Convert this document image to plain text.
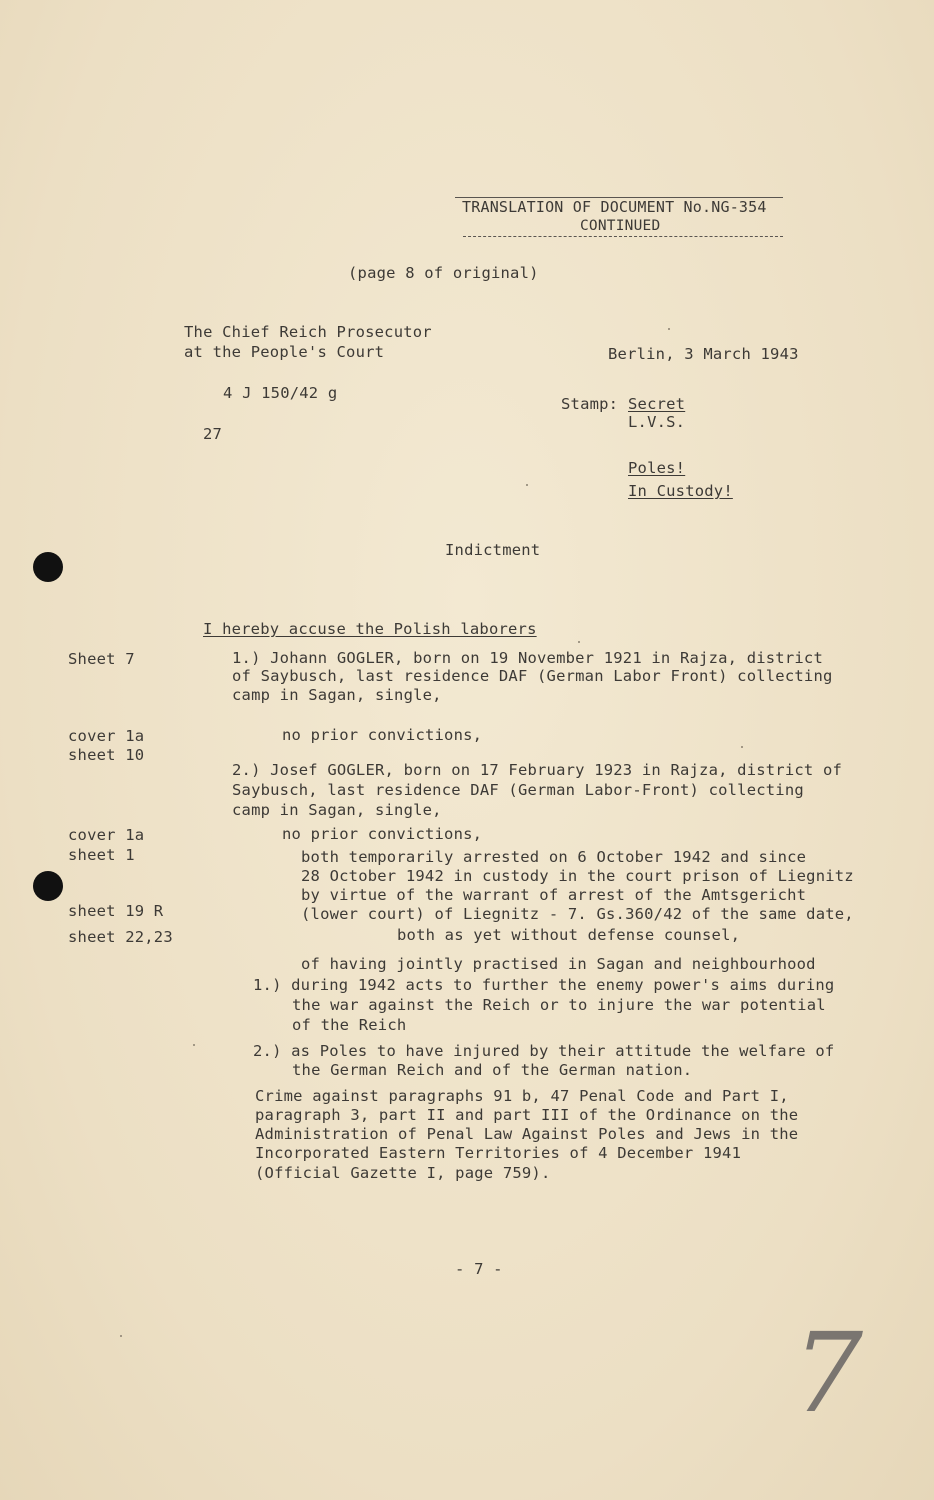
TRANSLATION OF DOCUMENT No.NG-354
CONTINUED
(page 8 of original)
The Chief Reich Prosecutor
at the People's Court
4 J 150/42 g
27
Berlin, 3 March 1943
Stamp: Secret
L.V.S.
Poles!
In Custody!
Indictment
Sheet 7
cover 1a
sheet 10
cover 1a
sheet 1
sheet 19 R
sheet 22,23
I hereby accuse the Polish laborers
1.) Johann GOGLER, born on 19 November 1921 in Rajza, district
of Saybusch, last residence DAF (German Labor Front) collecting
camp in Sagan, single,
no prior convictions,
2.) Josef GOGLER, born on 17 February 1923 in Rajza, district of
Saybusch, last residence DAF (German Labor-Front) collecting
camp in Sagan, single,
no prior convictions,
both temporarily arrested on 6 October 1942 and since
28 October 1942 in custody in the court prison of Liegnitz
by virtue of the warrant of arrest of the Amtsgericht
(lower court) of Liegnitz - 7. Gs.360/42 of the same date,
both as yet without defense counsel,
of having jointly practised in Sagan and neighbourhood
1.) during 1942 acts to further the enemy power's aims during
the war against the Reich or to injure the war potential
of the Reich
2.) as Poles to have injured by their attitude the welfare of
the German Reich and of the German nation.
Crime against paragraphs 91 b, 47 Penal Code and Part I,
paragraph 3, part II and part III of the Ordinance on the
Administration of Penal Law Against Poles and Jews in the
Incorporated Eastern Territories of 4 December 1941
(Official Gazette I, page 759).
- 7 -
7
